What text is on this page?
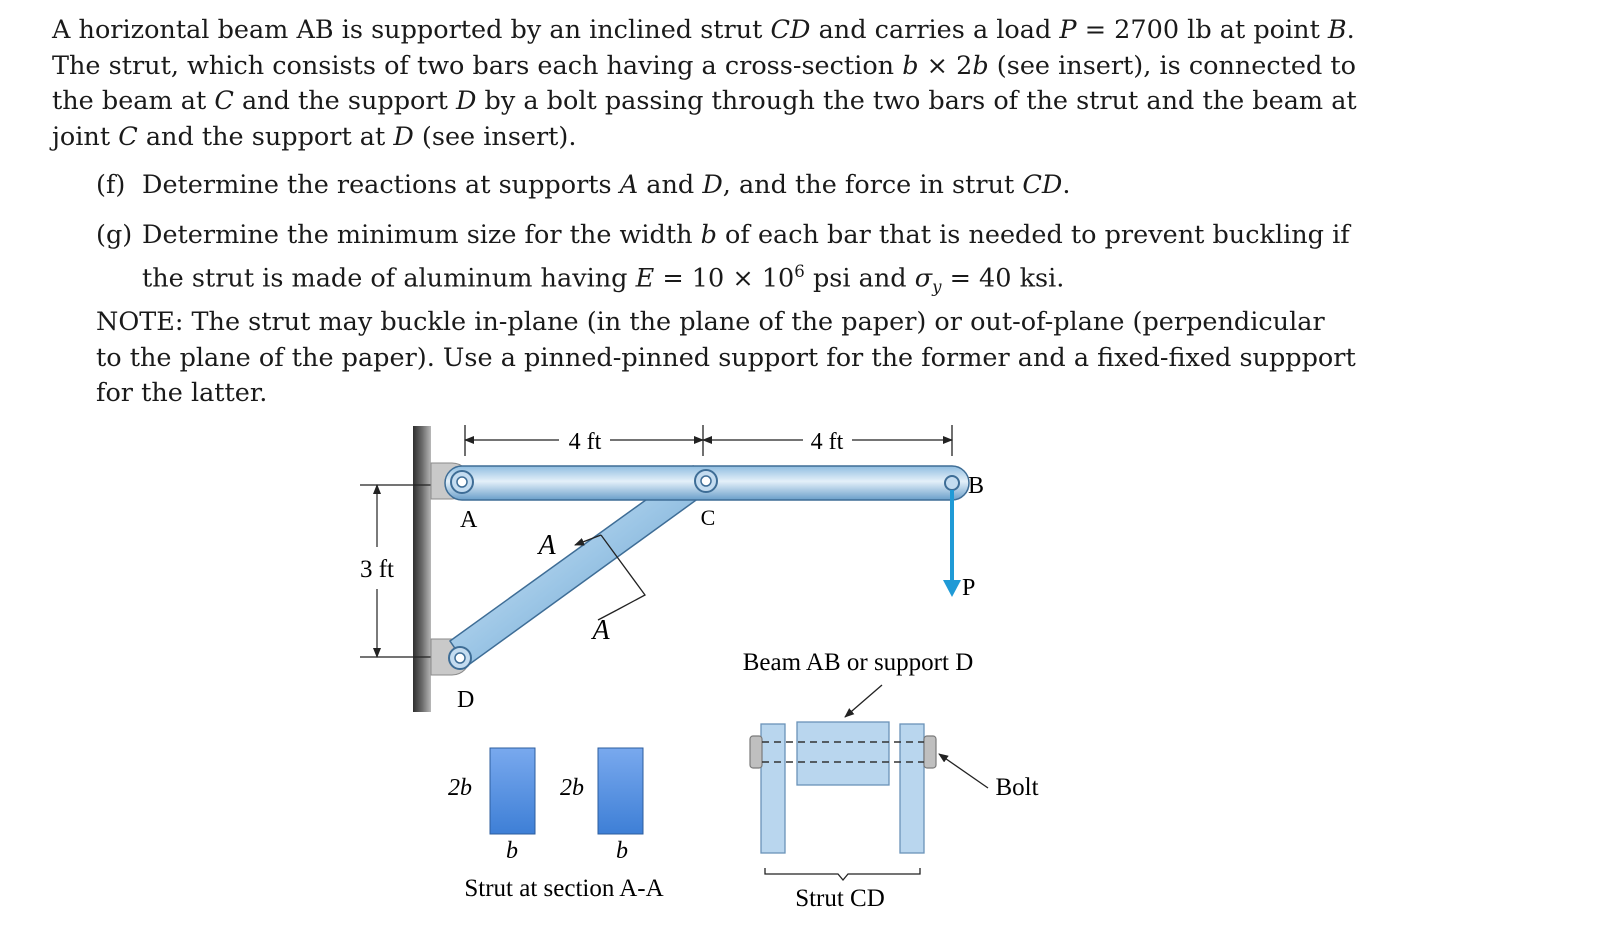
A horizontal beam AB is supported by an inclined strut CD and carries a load P = 2700 lb at point B.
The strut, which consists of two bars each having a cross-section b × 2b (see insert), is connected to
the beam at C and the support D by a bolt passing through the two bars of the strut and the beam at
joint C and the support at D (see insert).
(f) Determine the reactions at supports A and D, and the force in strut CD.
(g) Determine the minimum size for the width b of each bar that is needed to prevent buckling if
the strut is made of aluminum having $E = 10 \times 10^6$ psi and $\sigma_y = 40$ ksi.
NOTE: The strut may buckle in-plane (in the plane of the paper) or out-of-plane (perpendicular
to the plane of the paper). Use a pinned-pinned support for the former and a fixed-fixed suppport
for the latter.
4 ft	4 ft
3 ft
B
A	C
D
P
A
A
2b	2b
b	b
Strut at section A-A
Beam AB or support D
Bolt
Strut CD
